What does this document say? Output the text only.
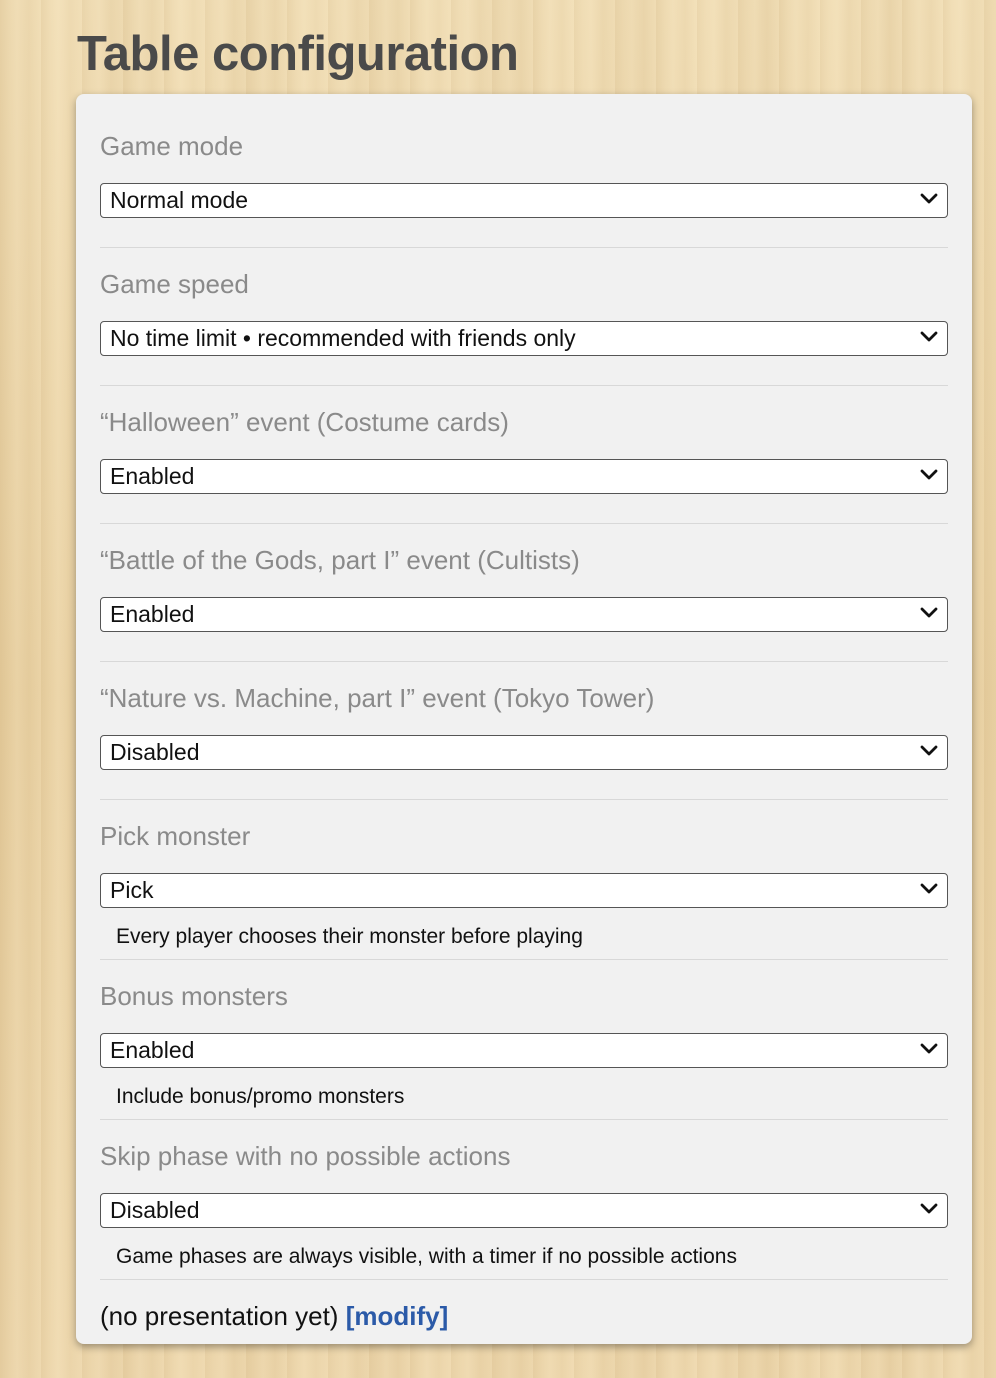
Table configuration
Game mode
Normal mode
Game speed
No time limit • recommended with friends only
“Halloween” event (Costume cards)
Enabled
“Battle of the Gods, part I” event (Cultists)
Enabled
“Nature vs. Machine, part I” event (Tokyo Tower)
Disabled
Pick monster
Pick
Every player chooses their monster before playing
Bonus monsters
Enabled
Include bonus/promo monsters
Skip phase with no possible actions
Disabled
Game phases are always visible, with a timer if no possible actions
(no presentation yet) [modify]
